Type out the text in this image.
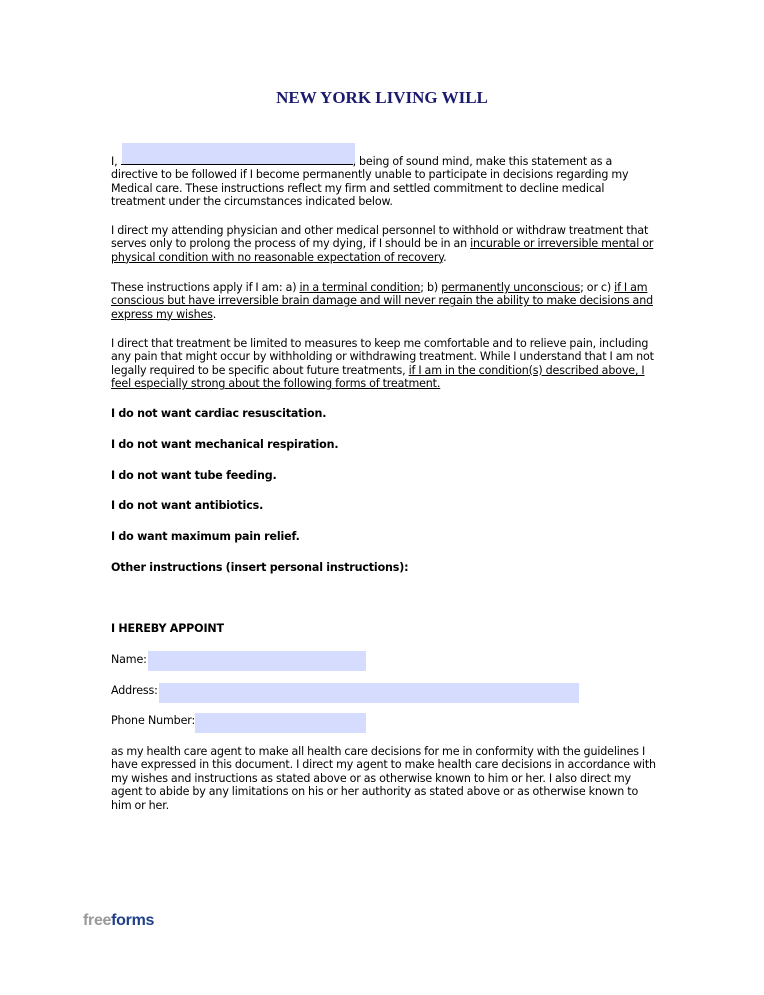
NEW YORK LIVING WILL
I,	, being of sound mind, make this statement as a directive to be followed if I become permanently unable to participate in decisions regarding my Medical care. These instructions reflect my firm and settled commitment to decline medical treatment under the circumstances indicated below.
I direct my attending physician and other medical personnel to withhold or withdraw treatment that serves only to prolong the process of my dying, if I should be in an incurable or irreversible mental or physical condition with no reasonable expectation of recovery.
These instructions apply if I am: a) in a terminal condition; b) permanently unconscious; or c) if I am conscious but have irreversible brain damage and will never regain the ability to make decisions and express my wishes.
I direct that treatment be limited to measures to keep me comfortable and to relieve pain, including any pain that might occur by withholding or withdrawing treatment. While I understand that I am not legally required to be specific about future treatments, if I am in the condition(s) described above, I feel especially strong about the following forms of treatment.
I do not want cardiac resuscitation.
I do not want mechanical respiration.
I do not want tube feeding.
I do not want antibiotics.
I do want maximum pain relief.
Other instructions (insert personal instructions):
I HEREBY APPOINT
Name:
Address:
Phone Number:
as my health care agent to make all health care decisions for me in conformity with the guidelines I have expressed in this document. I direct my agent to make health care decisions in accordance with my wishes and instructions as stated above or as otherwise known to him or her. I also direct my agent to abide by any limitations on his or her authority as stated above or as otherwise known to him or her.
freeforms
